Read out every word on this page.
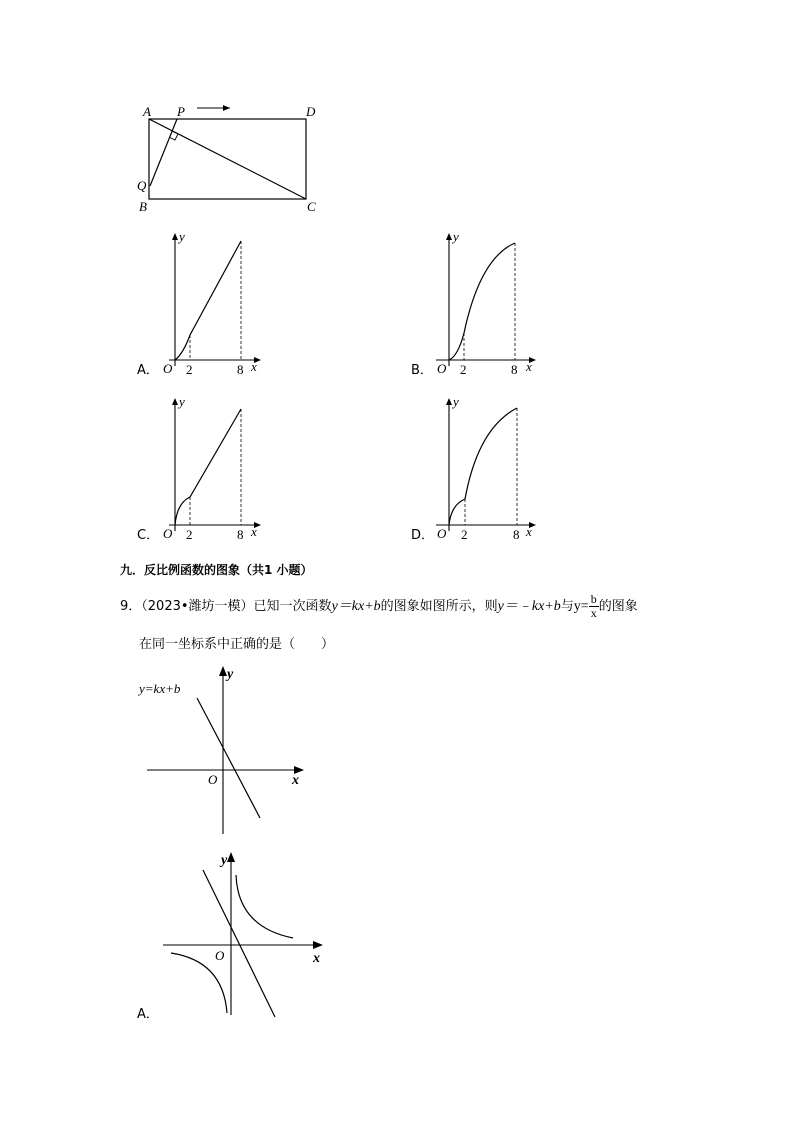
A P	D
Q
B	C
y
x
O 2	8
A．
y
x
O 2	8
B．
y
x
O 2	8
C．
y
x
O 2	8
D．
九．反比例函数的图象（共1 小题）
9．（2023•潍坊一模）已知一次函数y＝kx+b的图象如图所示，则y＝﹣kx+b与$y= \frac{b}{x}$ 的图象
在同一坐标系中正确的是（　　）
y=kx+b
y
x
O
y
x
O
A．
